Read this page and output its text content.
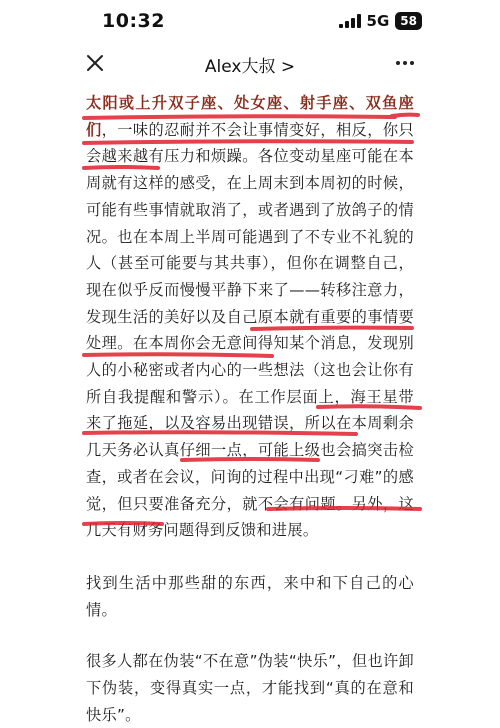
10:32	5G 58
Alex大叔 >

太阳或上升双子座、处女座、射手座、双鱼座们，一味的忍耐并不会让事情变好，相反，你只会越来越有压力和烦躁。各位变动星座可能在本周就有这样的感受，在上周末到本周初的时候，可能有些事情就取消了，或者遇到了放鸽子的情况。也在本周上半周可能遇到了不专业不礼貌的人（甚至可能要与其共事），但你在调整自己，现在似乎反而慢慢平静下来了——转移注意力，发现生活的美好以及自己原本就有重要的事情要处理。在本周你会无意间得知某个消息，发现别人的小秘密或者内心的一些想法（这也会让你有所自我提醒和警示）。在工作层面上，海王星带来了拖延，以及容易出现错误，所以在本周剩余几天务必认真仔细一点，可能上级也会搞突击检查，或者在会议，问询的过程中出现“刁难”的感觉，但只要准备充分，就不会有问题。另外，这几天有财务问题得到反馈和进展。

找到生活中那些甜的东西，来中和下自己的心情。

很多人都在伪装“不在意”伪装“快乐”，但也许卸下伪装，变得真实一点，才能找到“真的在意和快乐”。
